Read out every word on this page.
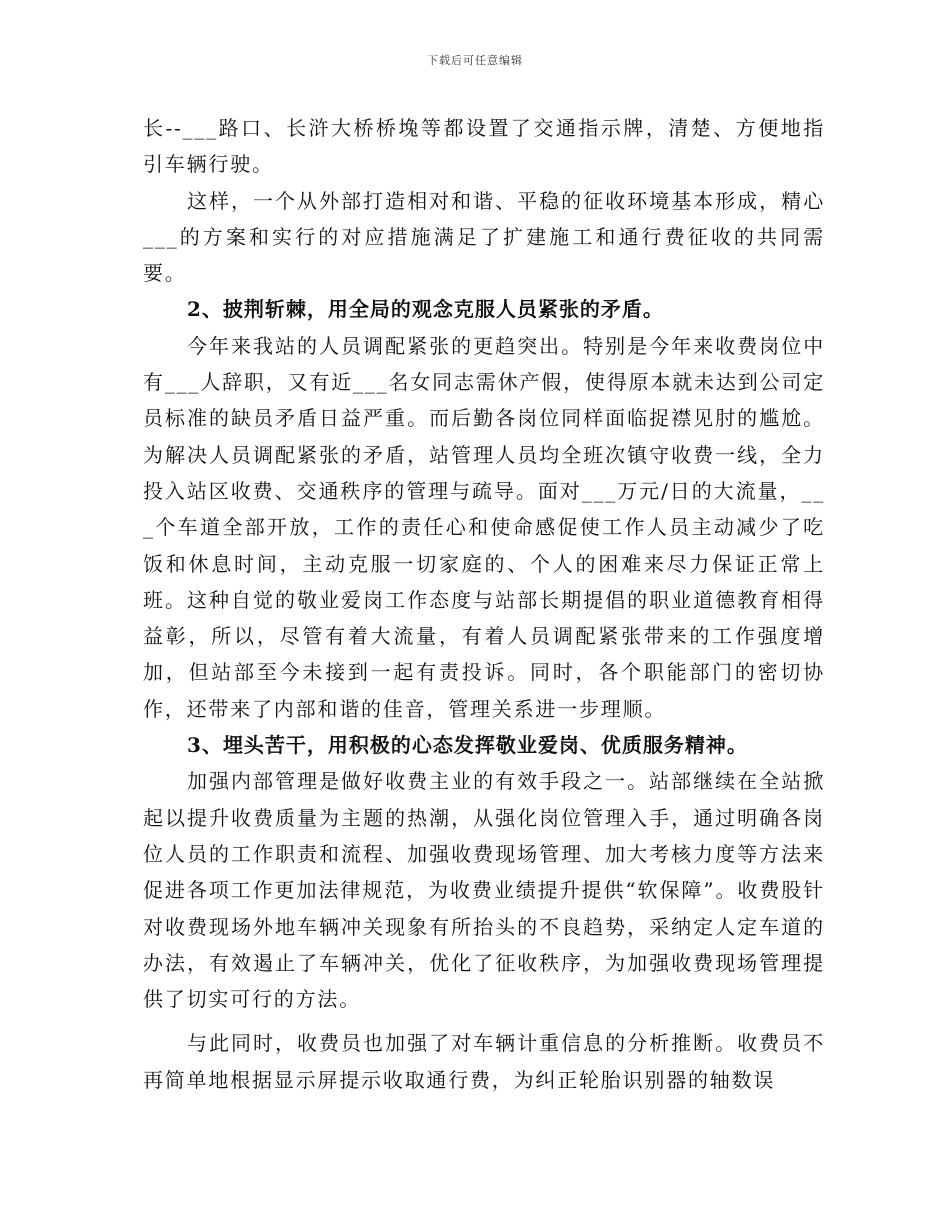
下载后可任意编辑

长--___路口、长浒大桥桥堍等都设置了交通指示牌，清楚、方便地指引车辆行驶。

这样，一个从外部打造相对和谐、平稳的征收环境基本形成，精心___的方案和实行的对应措施满足了扩建施工和通行费征收的共同需要。

2、披荆斩棘，用全局的观念克服人员紧张的矛盾。

今年来我站的人员调配紧张的更趋突出。特别是今年来收费岗位中有___人辞职，又有近___名女同志需休产假，使得原本就未达到公司定员标准的缺员矛盾日益严重。而后勤各岗位同样面临捉襟见肘的尴尬。为解决人员调配紧张的矛盾，站管理人员均全班次镇守收费一线，全力投入站区收费、交通秩序的管理与疏导。面对___万元/日的大流量，___个车道全部开放，工作的责任心和使命感促使工作人员主动减少了吃饭和休息时间，主动克服一切家庭的、个人的困难来尽力保证正常上班。这种自觉的敬业爱岗工作态度与站部长期提倡的职业道德教育相得益彰，所以，尽管有着大流量，有着人员调配紧张带来的工作强度增加，但站部至今未接到一起有责投诉。同时，各个职能部门的密切协作，还带来了内部和谐的佳音，管理关系进一步理顺。

3、埋头苦干，用积极的心态发挥敬业爱岗、优质服务精神。

加强内部管理是做好收费主业的有效手段之一。站部继续在全站掀起以提升收费质量为主题的热潮，从强化岗位管理入手，通过明确各岗位人员的工作职责和流程、加强收费现场管理、加大考核力度等方法来促进各项工作更加法律规范，为收费业绩提升提供“软保障”。收费股针对收费现场外地车辆冲关现象有所抬头的不良趋势，采纳定人定车道的办法，有效遏止了车辆冲关，优化了征收秩序，为加强收费现场管理提供了切实可行的方法。

与此同时，收费员也加强了对车辆计重信息的分析推断。收费员不再简单地根据显示屏提示收取通行费，为纠正轮胎识别器的轴数误
